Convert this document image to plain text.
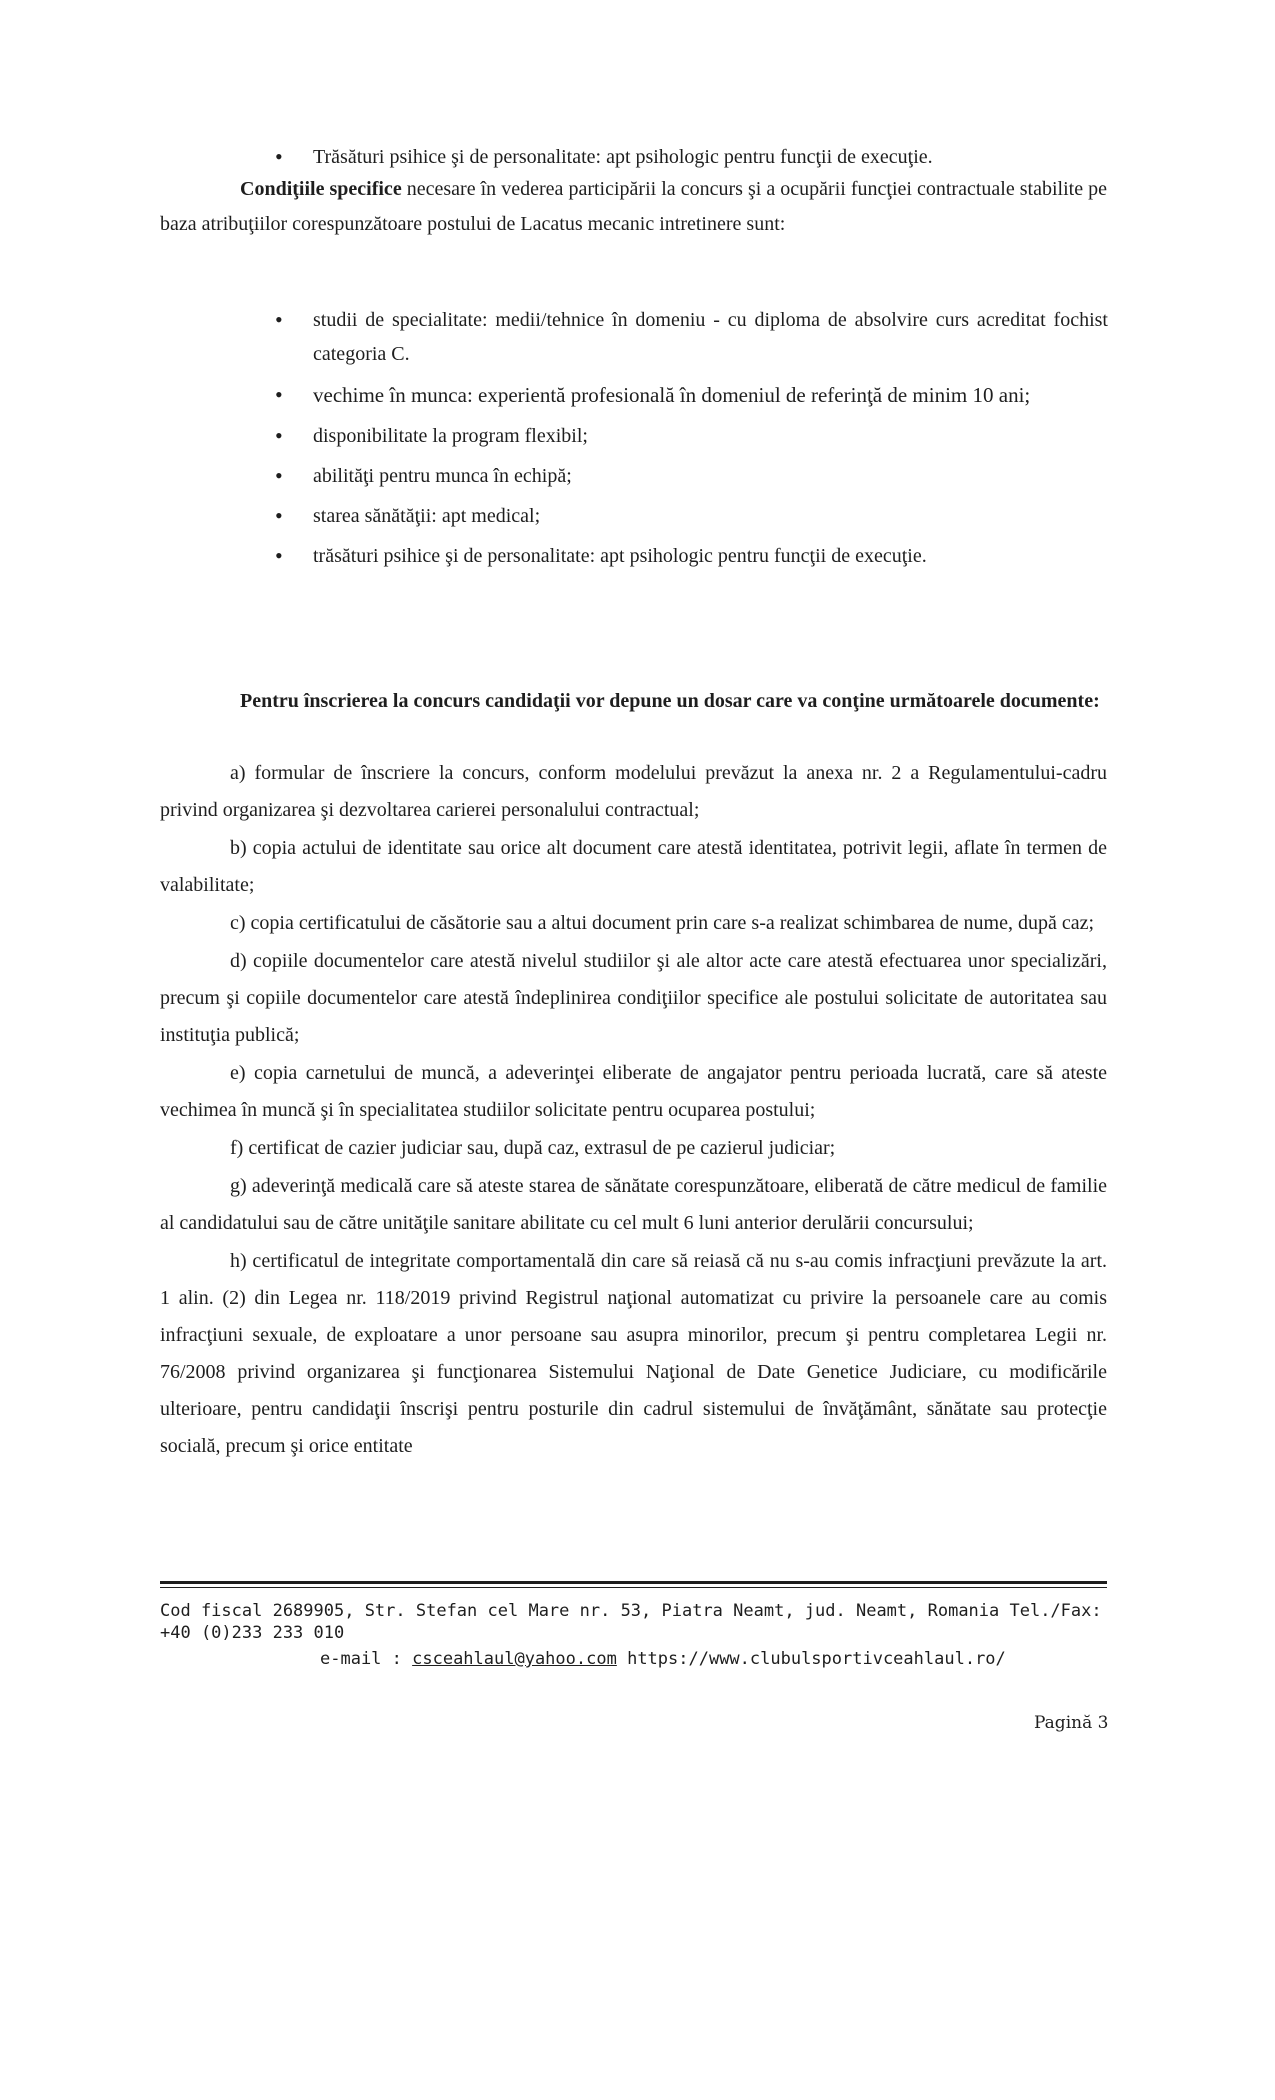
• Trăsături psihice şi de personalitate: apt psihologic pentru funcţii de execuţie.

Condiţiile specifice necesare în vederea participării la concurs şi a ocupării funcţiei contractuale stabilite pe baza atribuţiilor corespunzătoare postului de Lacatus mecanic intretinere sunt:

• studii de specialitate: medii/tehnice în domeniu - cu diploma de absolvire curs acreditat fochist categoria C.
• vechime în munca: experientă profesională în domeniul de referinţă de minim 10 ani;
• disponibilitate la program flexibil;
• abilităţi pentru munca în echipă;
• starea sănătăţii: apt medical;
• trăsături psihice şi de personalitate: apt psihologic pentru funcţii de execuţie.

Pentru înscrierea la concurs candidaţii vor depune un dosar care va conţine următoarele documente:

a) formular de înscriere la concurs, conform modelului prevăzut la anexa nr. 2 a Regulamentului-cadru privind organizarea şi dezvoltarea carierei personalului contractual;

b) copia actului de identitate sau orice alt document care atestă identitatea, potrivit legii, aflate în termen de valabilitate;

c) copia certificatului de căsătorie sau a altui document prin care s-a realizat schimbarea de nume, după caz;

d) copiile documentelor care atestă nivelul studiilor şi ale altor acte care atestă efectuarea unor specializări, precum şi copiile documentelor care atestă îndeplinirea condiţiilor specifice ale postului solicitate de autoritatea sau instituţia publică;

e) copia carnetului de muncă, a adeverinţei eliberate de angajator pentru perioada lucrată, care să ateste vechimea în muncă şi în specialitatea studiilor solicitate pentru ocuparea postului;

f) certificat de cazier judiciar sau, după caz, extrasul de pe cazierul judiciar;

g) adeverinţă medicală care să ateste starea de sănătate corespunzătoare, eliberată de către medicul de familie al candidatului sau de către unităţile sanitare abilitate cu cel mult 6 luni anterior derulării concursului;

h) certificatul de integritate comportamentală din care să reiasă că nu s-au comis infracţiuni prevăzute la art. 1 alin. (2) din Legea nr. 118/2019 privind Registrul naţional automatizat cu privire la persoanele care au comis infracţiuni sexuale, de exploatare a unor persoane sau asupra minorilor, precum şi pentru completarea Legii nr. 76/2008 privind organizarea şi funcţionarea Sistemului Naţional de Date Genetice Judiciare, cu modificările ulterioare, pentru candidaţii înscrişi pentru posturile din cadrul sistemului de învăţământ, sănătate sau protecţie socială, precum şi orice entitate

Cod fiscal 2689905, Str. Stefan cel Mare nr. 53, Piatra Neamt, jud. Neamt, Romania Tel./Fax: +40 (0)233 233 010

e-mail : csceahlaul@yahoo.com https://www.clubulsportivceahlaul.ro/

Pagină 3
